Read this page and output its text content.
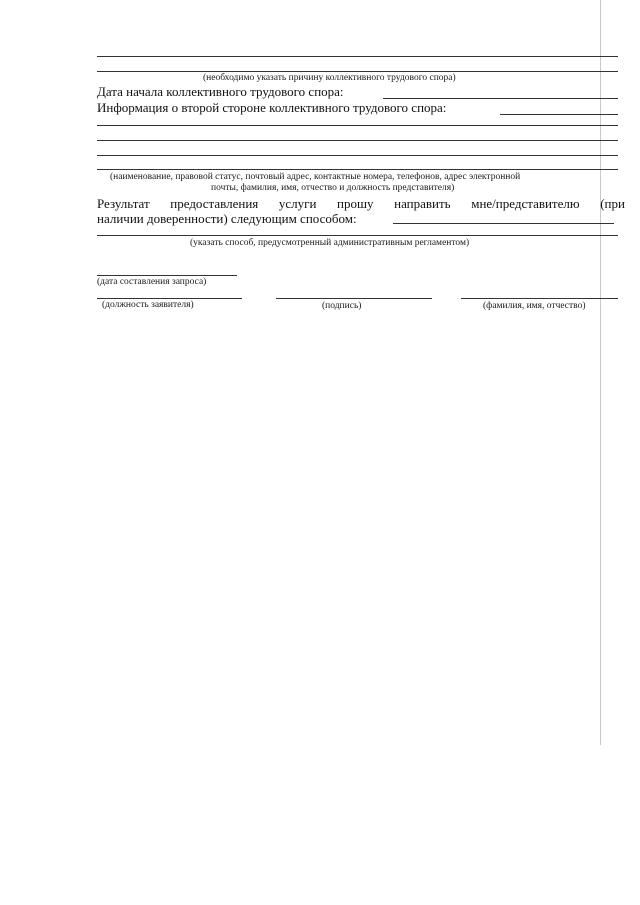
(необходимо указать причину коллективного трудового спора)
Дата начала коллективного трудового спора:
Информация о второй стороне коллективного трудового спора:
(наименование, правовой статус, почтовый адрес, контактные номера, телефонов, адрес электронной
почты, фамилия, имя, отчество и должность представителя)
Результат предоставления услуги прошу направить мне/представителю (при
наличии доверенности) следующим способом:
(указать способ, предусмотренный административным регламентом)
(дата составления запроса)
(должность заявителя)	(подпись)	(фамилия, имя, отчество)
